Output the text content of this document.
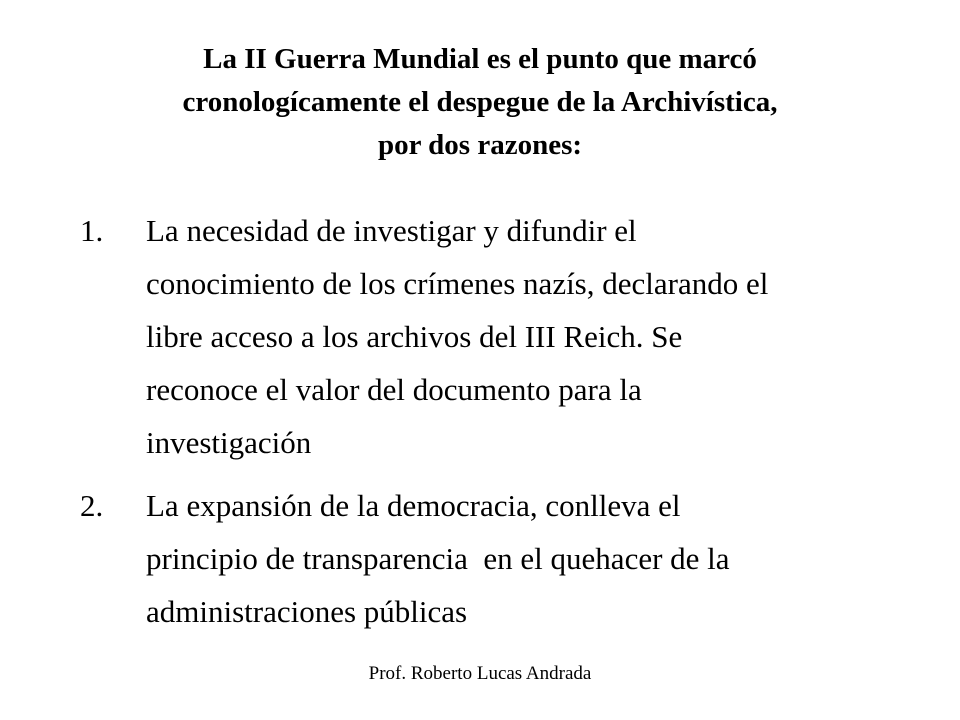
La II Guerra Mundial es el punto que marcó
cronologícamente el despegue de la Archivística,
por dos razones:
1. La necesidad de investigar y difundir el
conocimiento de los crímenes nazís, declarando el
libre acceso a los archivos del III Reich. Se
reconoce el valor del documento para la
investigación
2. La expansión de la democracia, conlleva el
principio de transparencia  en el quehacer de la
administraciones públicas
Prof. Roberto Lucas Andrada
